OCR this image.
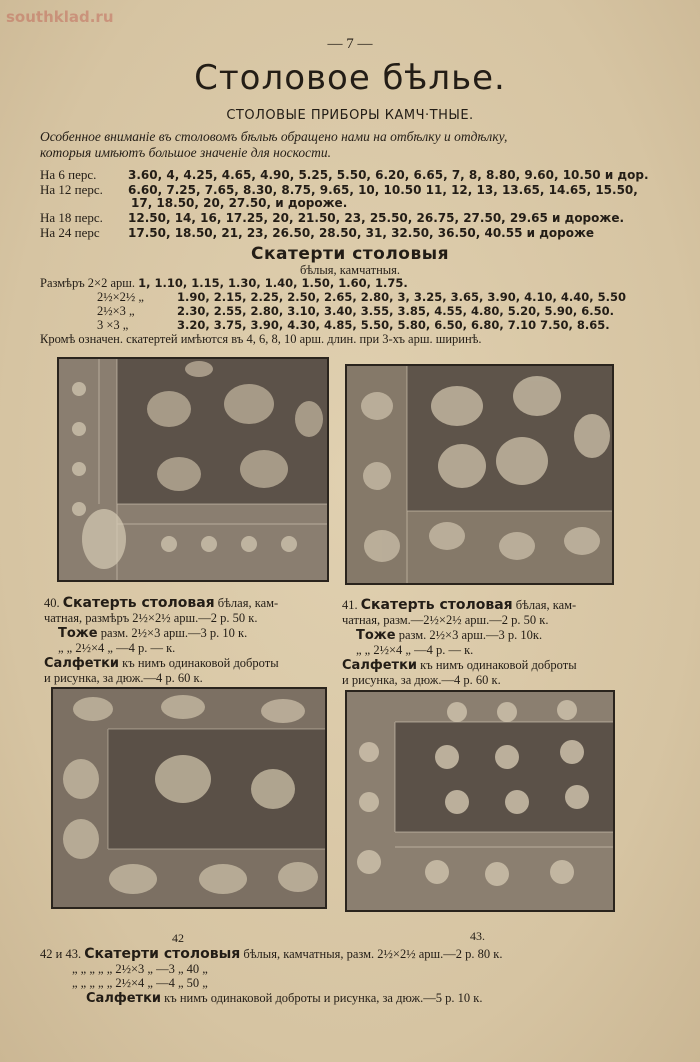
southklad.ru
— 7 —
Столовое бѣлье.
СТОЛОВЫЕ ПРИБОРЫ КАМЧ·ТНЫЕ.
Особенное вниманіе въ столовомъ бѣльѣ обращено нами на отбѣлку и отдѣлку,
которыя имѣютъ большое значеніе для носкости.
На 6 перс.	3.60, 4, 4.25, 4.65, 4.90, 5.25, 5.50, 6.20, 6.65, 7, 8, 8.80, 9.60, 10.50 и дор.
На 12 перс. 6.60, 7.25, 7.65, 8.30, 8.75, 9.65, 10, 10.50 11, 12, 13, 13.65, 14.65, 15.50,
17, 18.50, 20, 27.50, и дороже.
На 18 перс. 12.50, 14, 16, 17.25, 20, 21.50, 23, 25.50, 26.75, 27.50, 29.65 и дороже.
На 24 перс 17.50, 18.50, 21, 23, 26.50, 28.50, 31, 32.50, 36.50, 40.55 и дороже
Скатерти столовыя
бѣлыя, камчатныя.
Размѣръ 2×2 арш. 1, 1.10, 1.15, 1.30, 1.40, 1.50, 1.60, 1.75.
2½×2½ „	1.90, 2.15, 2.25, 2.50, 2.65, 2.80, 3, 3.25, 3.65, 3.90, 4.10, 4.40, 5.50
2½×3 „	2.30, 2.55, 2.80, 3.10, 3.40, 3.55, 3.85, 4.55, 4.80, 5.20, 5.90, 6.50.
3 ×3 „	3.20, 3.75, 3.90, 4.30, 4.85, 5.50, 5.80, 6.50, 6.80, 7.10 7.50, 8.65.
Кромѣ означен. скатертей имѣются въ 4, 6, 8, 10 арш. длин. при 3-хъ арш. ширинѣ.
40. Скатерть столовая бѣлая, кам-
чатная, размѣръ 2½×2½ арш.—2 р. 50 к.
Тоже разм. 2½×3 арш.—3 р. 10 к.
„ „ 2½×4 „ —4 р. — к.
Салфетки къ нимъ одинаковой доброты
и рисунка, за дюж.—4 р. 60 к.
41. Скатерть столовая бѣлая, кам-
чатная, разм.—2½×2½ арш.—2 р. 50 к.
Тоже разм. 2½×3 арш.—3 р. 10к.
„ „ 2½×4 „ —4 р. — к.
Салфетки къ нимъ одинаковой доброты
и рисунка, за дюж.—4 р. 60 к.
42	43.
42 и 43. Скатерти столовыя бѣлыя, камчатныя, разм. 2½×2½ арш.—2 р. 80 к.
„ „ „ „ „ 2½×3 „ —3 „ 40 „
„ „ „ „ „ 2½×4 „ —4 „ 50 „
Салфетки къ нимъ одинаковой доброты и рисунка, за дюж.—5 р. 10 к.
